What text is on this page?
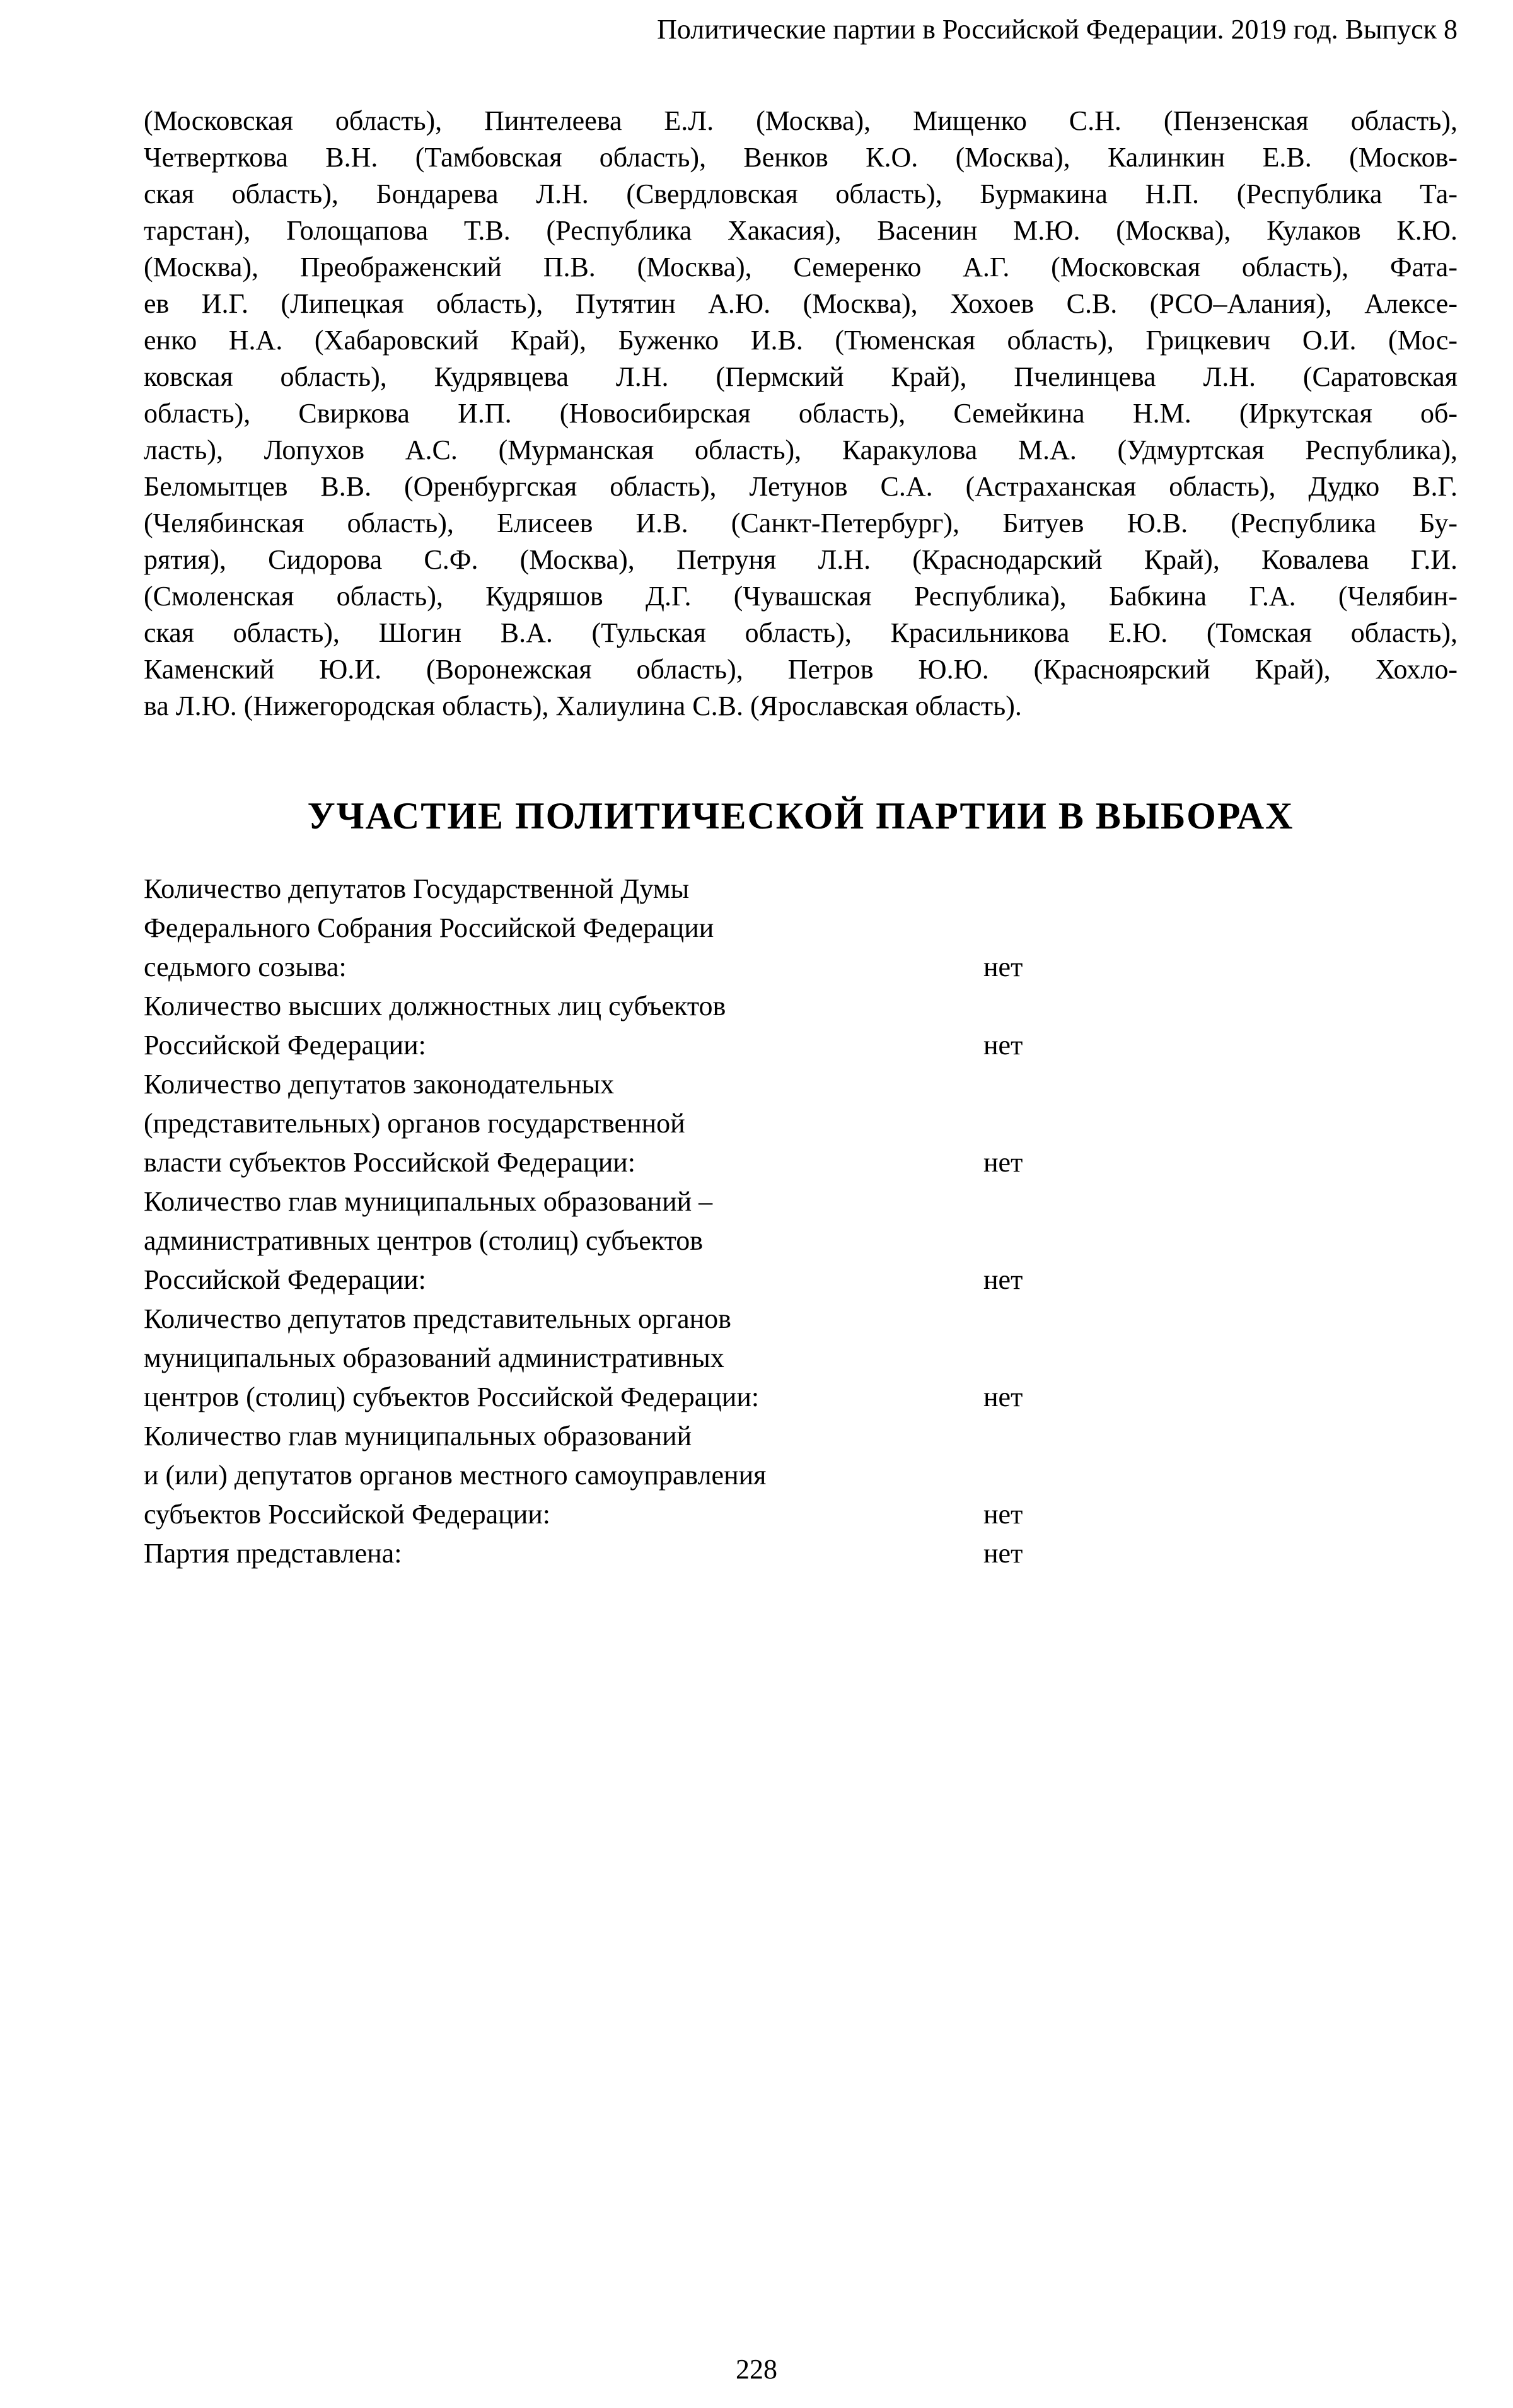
Политические партии в Российской Федерации. 2019 год. Выпуск 8
(Московская область), Пинтелеева Е.Л. (Москва), Мищенко С.Н. (Пензенская область),
Четверткова В.Н. (Тамбовская область), Венков К.О. (Москва), Калинкин Е.В. (Москов-
ская область), Бондарева Л.Н. (Свердловская область), Бурмакина Н.П. (Республика Та-
тарстан), Голощапова Т.В. (Республика Хакасия), Васенин М.Ю. (Москва), Кулаков К.Ю.
(Москва), Преображенский П.В. (Москва), Семеренко А.Г. (Московская область), Фата-
ев И.Г. (Липецкая область), Путятин А.Ю. (Москва), Хохоев С.В. (РСО–Алания), Алексе-
енко Н.А. (Хабаровский Край), Буженко И.В. (Тюменская область), Грицкевич О.И. (Мос-
ковская область), Кудрявцева Л.Н. (Пермский Край), Пчелинцева Л.Н. (Саратовская
область), Свиркова И.П. (Новосибирская область), Семейкина Н.М. (Иркутская об-
ласть), Лопухов А.С. (Мурманская область), Каракулова М.А. (Удмуртская Республика),
Беломытцев В.В. (Оренбургская область), Летунов С.А. (Астраханская область), Дудко В.Г.
(Челябинская область), Елисеев И.В. (Санкт-Петербург), Битуев Ю.В. (Республика Бу-
рятия), Сидорова С.Ф. (Москва), Петруня Л.Н. (Краснодарский Край), Ковалева Г.И.
(Смоленская область), Кудряшов Д.Г. (Чувашская Республика), Бабкина Г.А. (Челябин-
ская область), Шогин В.А. (Тульская область), Красильникова Е.Ю. (Томская область),
Каменский Ю.И. (Воронежская область), Петров Ю.Ю. (Красноярский Край), Хохло-
ва Л.Ю. (Нижегородская область), Халиулина С.В. (Ярославская область).
УЧАСТИЕ ПОЛИТИЧЕСКОЙ ПАРТИИ В ВЫБОРАХ
Количество депутатов Государственной Думы
Федерального Собрания Российской Федерации
седьмого созыва:	нет
Количество высших должностных лиц субъектов
Российской Федерации:	нет
Количество депутатов законодательных
(представительных) органов государственной
власти субъектов Российской Федерации:	нет
Количество глав муниципальных образований –
административных центров (столиц) субъектов
Российской Федерации:	нет
Количество депутатов представительных органов
муниципальных образований административных
центров (столиц) субъектов Российской Федерации:	нет
Количество глав муниципальных образований
и (или) депутатов органов местного самоуправления
субъектов Российской Федерации:	нет
Партия представлена:	нет
228
